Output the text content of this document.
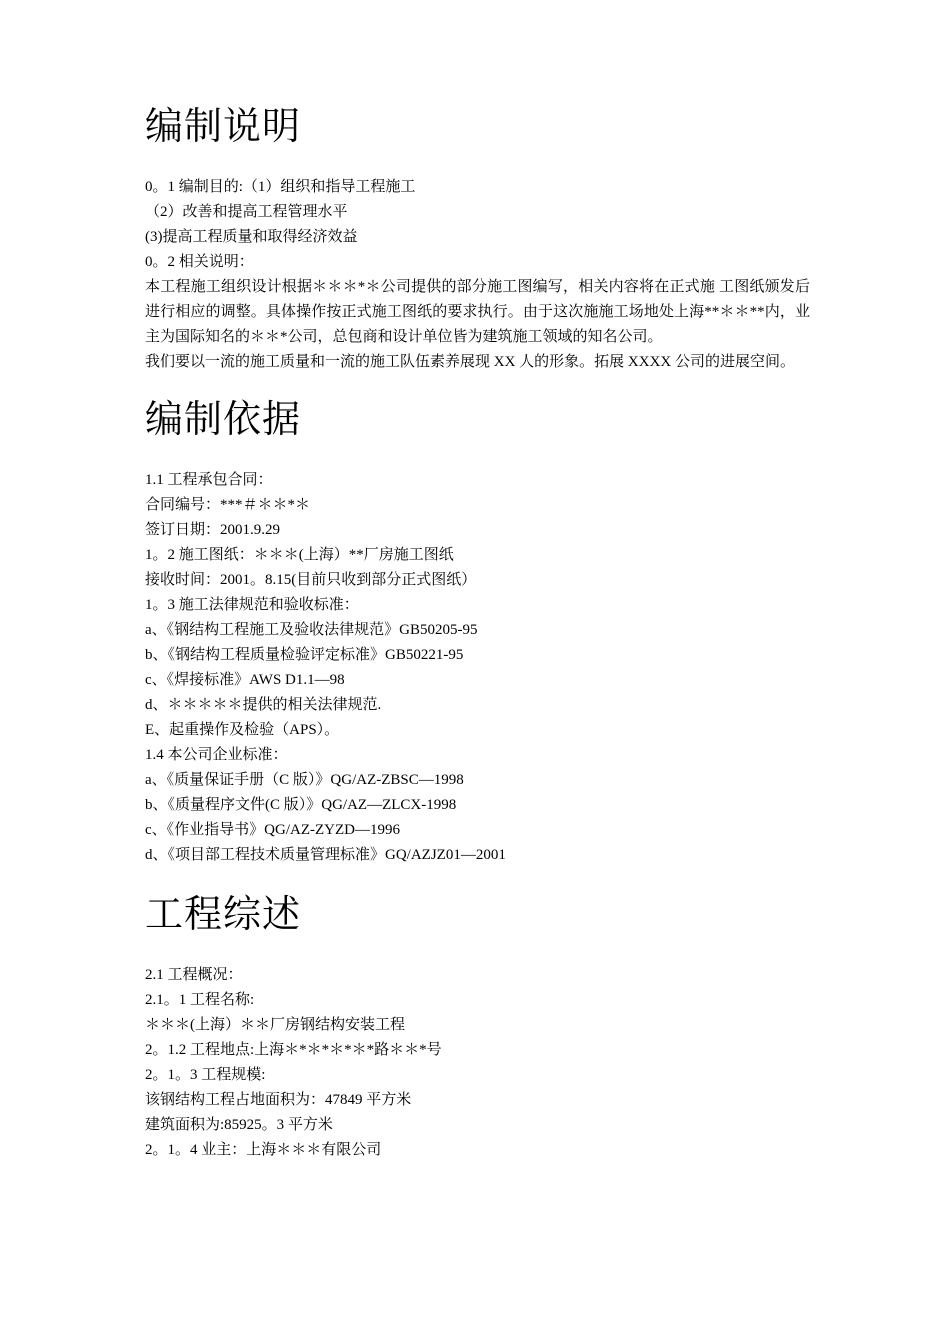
编制说明

0。1 编制目的:（1）组织和指导工程施工

（2）改善和提高工程管理水平

(3)提高工程质量和取得经济效益

0。2 相关说明：

本工程施工组织设计根据＊＊＊*＊公司提供的部分施工图编写，相关内容将在正式施 工图纸颁发后进行相应的调整。具体操作按正式施工图纸的要求执行。由于这次施施工场地处上海**＊＊**内，业主为国际知名的＊＊*公司，总包商和设计单位皆为建筑施工领域的知名公司。

我们要以一流的施工质量和一流的施工队伍素养展现 XX 人的形象。拓展 XXXX 公司的进展空间。

编制依据

1.1 工程承包合同：

合同编号：***＃＊＊*＊

签订日期：2001.9.29

1。2 施工图纸：＊＊＊(上海）**厂房施工图纸

接收时间：2001。8.15(目前只收到部分正式图纸）

1。3 施工法律规范和验收标准：

a、《钢结构工程施工及验收法律规范》GB50205-95

b、《钢结构工程质量检验评定标准》GB50221-95

c、《焊接标准》AWS D1.1—98

d、＊＊＊＊＊提供的相关法律规范.

E、起重操作及检验（APS）。

1.4 本公司企业标准：

a、《质量保证手册（C 版）》QG/AZ-ZBSC—1998

b、《质量程序文件(C 版）》QG/AZ—ZLCX-1998

c、《作业指导书》QG/AZ-ZYZD—1996

d、《项目部工程技术质量管理标准》GQ/AZJZ01—2001

工程综述

2.1 工程概况：

2.1。1 工程名称:

＊＊＊(上海）＊＊厂房钢结构安装工程

2。1.2 工程地点:上海＊*＊*＊*＊*路＊＊*号

2。1。3 工程规模:

该钢结构工程占地面积为：47849 平方米

建筑面积为:85925。3 平方米

2。1。4 业主：上海＊＊＊有限公司
